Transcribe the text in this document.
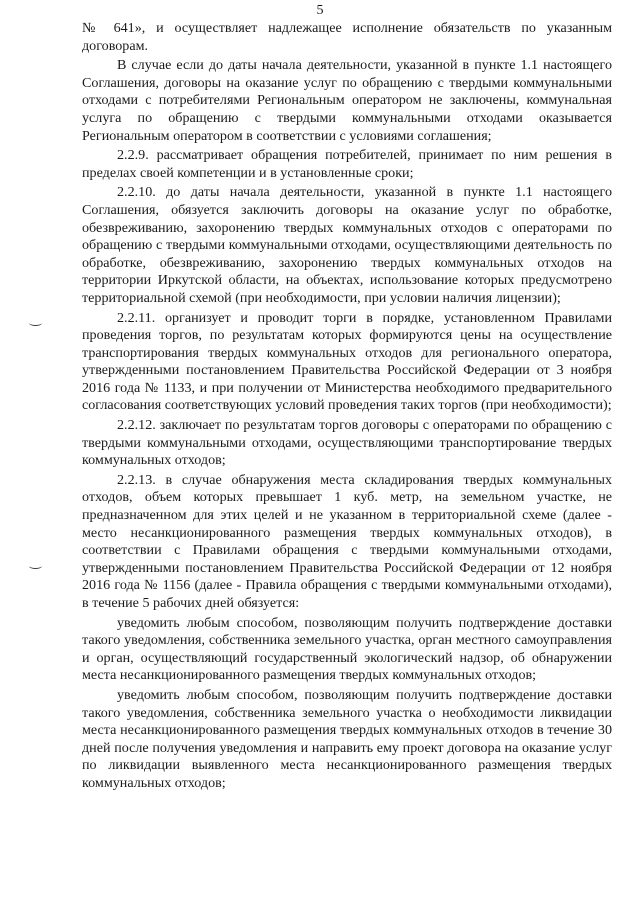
5

№ 641», и осуществляет надлежащее исполнение обязательств по указанным договорам.

В случае если до даты начала деятельности, указанной в пункте 1.1 настоящего Соглашения, договоры на оказание услуг по обращению с твердыми коммунальными отходами с потребителями Региональным оператором не заключены, коммунальная услуга по обращению с твердыми коммунальными отходами оказывается Региональным оператором в соответствии с условиями соглашения;

2.2.9. рассматривает обращения потребителей, принимает по ним решения в пределах своей компетенции и в установленные сроки;

2.2.10. до даты начала деятельности, указанной в пункте 1.1 настоящего Соглашения, обязуется заключить договоры на оказание услуг по обработке, обезвреживанию, захоронению твердых коммунальных отходов с операторами по обращению с твердыми коммунальными отходами, осуществляющими деятельность по обработке, обезвреживанию, захоронению твердых коммунальных отходов на территории Иркутской области, на объектах, использование которых предусмотрено территориальной схемой (при необходимости, при условии наличия лицензии);

2.2.11. организует и проводит торги в порядке, установленном Правилами проведения торгов, по результатам которых формируются цены на осуществление транспортирования твердых коммунальных отходов для регионального оператора, утвержденными постановлением Правительства Российской Федерации от 3 ноября 2016 года № 1133, и при получении от Министерства необходимого предварительного согласования соответствующих условий проведения таких торгов (при необходимости);

2.2.12. заключает по результатам торгов договоры с операторами по обращению с твердыми коммунальными отходами, осуществляющими транспортирование твердых коммунальных отходов;

2.2.13. в случае обнаружения места складирования твердых коммунальных отходов, объем которых превышает 1 куб. метр, на земельном участке, не предназначенном для этих целей и не указанном в территориальной схеме (далее - место несанкционированного размещения твердых коммунальных отходов), в соответствии с Правилами обращения с твердыми коммунальными отходами, утвержденными постановлением Правительства Российской Федерации от 12 ноября 2016 года № 1156 (далее - Правила обращения с твердыми коммунальными отходами), в течение 5 рабочих дней обязуется:

уведомить любым способом, позволяющим получить подтверждение доставки такого уведомления, собственника земельного участка, орган местного самоуправления и орган, осуществляющий государственный экологический надзор, об обнаружении места несанкционированного размещения твердых коммунальных отходов;

уведомить любым способом, позволяющим получить подтверждение доставки такого уведомления, собственника земельного участка о необходимости ликвидации места несанкционированного размещения твердых коммунальных отходов в течение 30 дней после получения уведомления и направить ему проект договора на оказание услуг по ликвидации выявленного места несанкционированного размещения твердых коммунальных отходов;
